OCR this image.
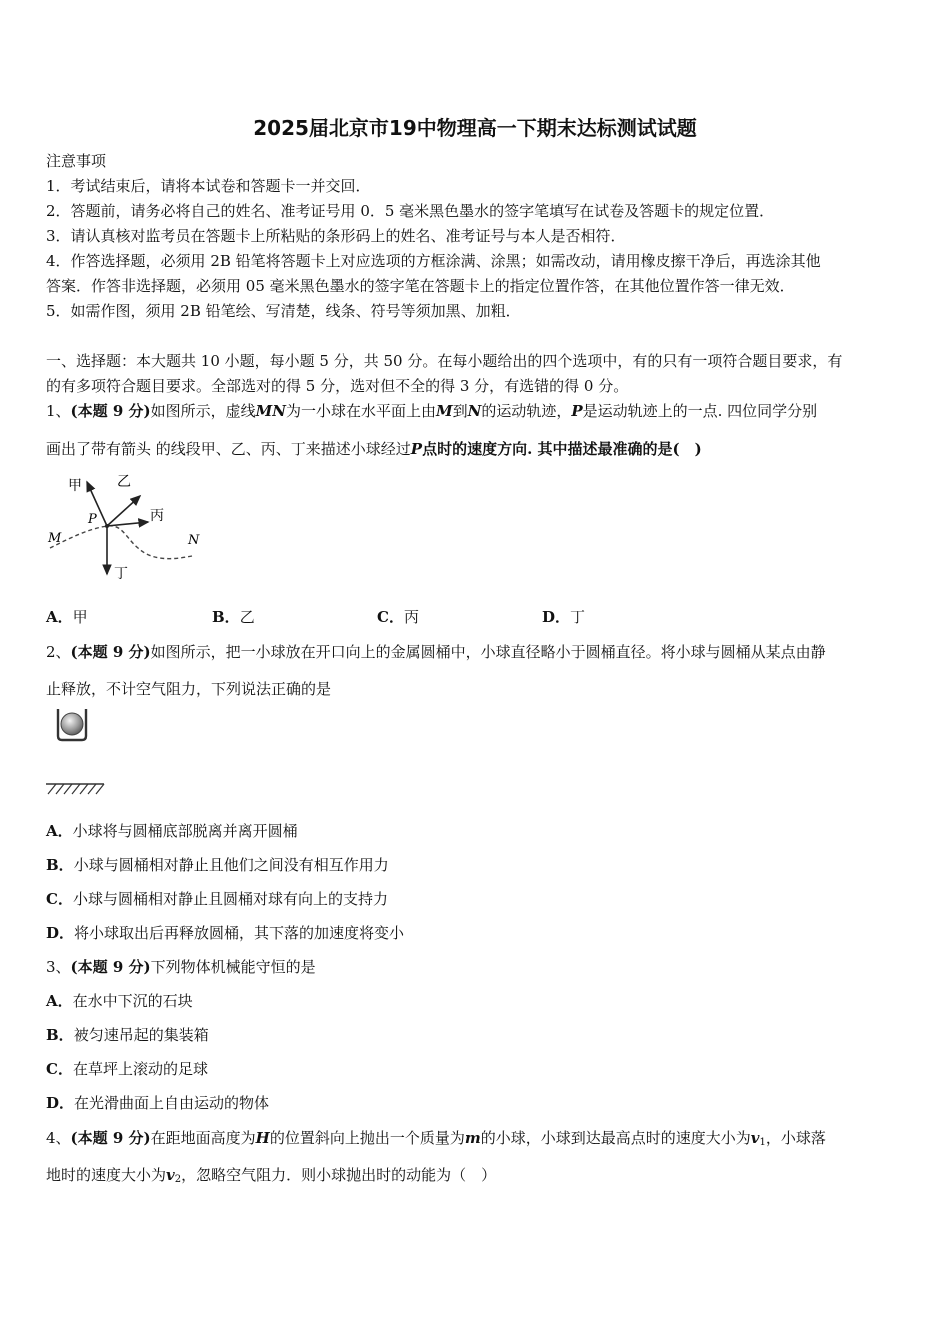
2025届北京市19中物理高一下期末达标测试试题
注意事项
1．考试结束后，请将本试卷和答题卡一并交回．
2．答题前，请务必将自己的姓名、准考证号用 0．5 毫米黑色墨水的签字笔填写在试卷及答题卡的规定位置．
3．请认真核对监考员在答题卡上所粘贴的条形码上的姓名、准考证号与本人是否相符．
4．作答选择题，必须用 2B 铅笔将答题卡上对应选项的方框涂满、涂黑；如需改动，请用橡皮擦干净后，再选涂其他
答案．作答非选择题，必须用 05 毫米黑色墨水的签字笔在答题卡上的指定位置作答，在其他位置作答一律无效．
5．如需作图，须用 2B 铅笔绘、写清楚，线条、符号等须加黑、加粗．
一、选择题：本大题共 10 小题，每小题 5 分，共 50 分。在每小题给出的四个选项中，有的只有一项符合题目要求，有
的有多项符合题目要求。全部选对的得 5 分，选对但不全的得 3 分，有选错的得 0 分。
1、(本题 9 分)如图所示，虚线MN为一小球在水平面上由M到N的运动轨迹，P是运动轨迹上的一点. 四位同学分别
画出了带有箭头 的线段甲、乙、丙、丁来描述小球经过P点时的速度方向. 其中描述最准确的是(　)
甲	乙
丙
丁
P
M	N
A．甲	B．乙	C．丙	D．丁
2、(本题 9 分)如图所示，把一小球放在开口向上的金属圆桶中，小球直径略小于圆桶直径。将小球与圆桶从某点由静
止释放，不计空气阻力，下列说法正确的是
A．小球将与圆桶底部脱离并离开圆桶
B．小球与圆桶相对静止且他们之间没有相互作用力
C．小球与圆桶相对静止且圆桶对球有向上的支持力
D．将小球取出后再释放圆桶，其下落的加速度将变小
3、(本题 9 分)下列物体机械能守恒的是
A．在水中下沉的石块
B．被匀速吊起的集装箱
C．在草坪上滚动的足球
D．在光滑曲面上自由运动的物体
4、(本题 9 分)在距地面高度为H的位置斜向上抛出一个质量为m的小球，小球到达最高点时的速度大小为$v_1$，小球落
地时的速度大小为$v_2$，忽略空气阻力．则小球抛出时的动能为（　）
